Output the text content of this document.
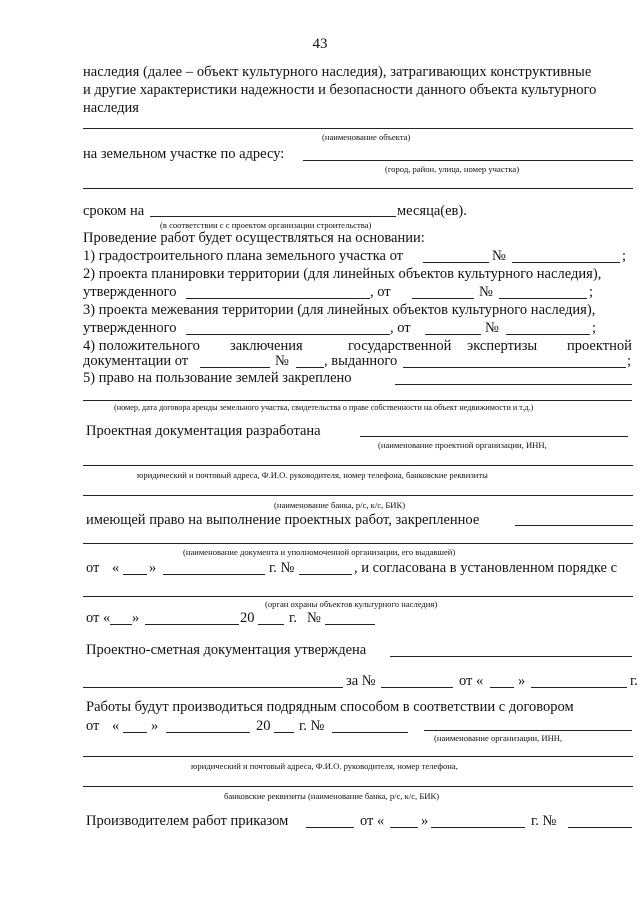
43
наследия (далее – объект культурного наследия), затрагивающих конструктивные
и другие характеристики надежности и безопасности данного объекта культурного
наследия
(наименование объекта)
на земельном участке по адресу:
(город, район, улица, номер участка)
сроком на	месяца(ев).
(в соответствии с с проектом организации строительства)
Проведение работ будет осуществляться на основании:
1) градостроительного плана земельного участка от	№	;
2) проекта планировки территории (для линейных объектов культурного наследия),
утвержденного	, от	№	;
3) проекта межевания территории (для линейных объектов культурного наследия),
утвержденного	, от	№	;
4) положительного заключения	государственной экспертизы проектной
документации от	№ , выданного	;
5) право на пользование землей закреплено
(номер, дата договора аренды земельного участка, свидетельства о праве собственности на объект недвижимости и т.д.)
Проектная документация разработана
(наименование проектной организации, ИНН,
юридический и почтовый адреса, Ф.И.О. руководителя, номер телефона, банковские реквизиты
(наименование банка, р/с, к/с, БИК)
имеющей право на выполнение проектных работ, закрепленное
(наименование документа и уполномоченной организации, его выдавшей)
от « »	г. №	, и согласована в установленном порядке с
(орган охраны объектов культурного наследия)
от « »	20 г. №
Проектно-сметная документация утверждена
за №	от « »	г.
Работы будут производиться подрядным способом в соответствии с договором
от « »	20 г. №
(наименование организации, ИНН,
юридический и почтовый адреса, Ф.И.О. руководителя, номер телефона,
банковские реквизиты (наименование банка, р/с, к/с, БИК)
Производителем работ приказом	от «	»	г. №
